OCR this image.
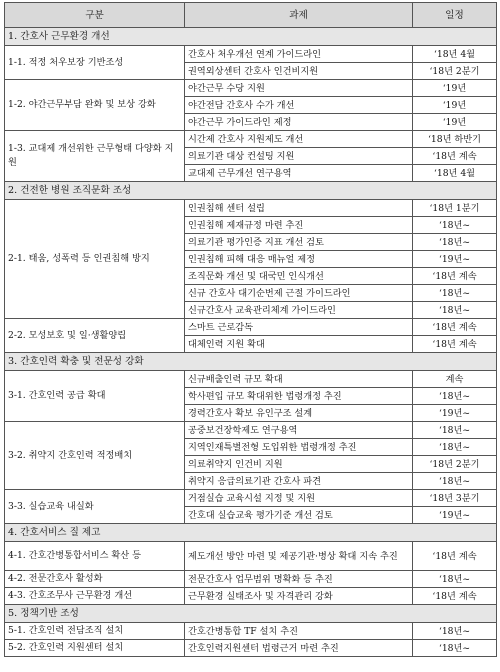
구분	과제	일정
1. 간호사 근무환경 개선		
1-1. 적정 처우보장 기반조성	간호사 처우개선 연계 가이드라인	‘18년 4월
	권역외상센터 간호사 인건비지원	‘18년 2분기
1-2. 야간근무부담 완화 및 보상 강화	야간근무 수당 지원	‘19년
	야간전담 간호사 수가 개선	‘19년
	야간근무 가이드라인 제정	‘19년
1-3. 교대제 개선위한 근무형태 다양화 지원	시간제 간호사 지원제도 개선	‘18년 하반기
	의료기관 대상 컨설팅 지원	‘18년 계속
	교대제 근무개선 연구용역	‘18년 4월
2. 건전한 병원 조직문화 조성		
2-1. 태움, 성폭력 등 인권침해 방지	인권침해 센터 설립	‘18년 1분기
	인권침해 제재규정 마련 추진	‘18년~
	의료기관 평가인증 지표 개선 검토	‘18년~
	인권침해 피해 대응 매뉴얼 제정	‘19년~
	조직문화 개선 및 대국민 인식개선	‘18년 계속
	신규 간호사 대기순번제 근절 가이드라인	‘18년~
	신규간호사 교육관리체계 가이드라인	‘18년~
2-2. 모성보호 및 일·생활양립	스마트 근로감독	‘18년 계속
	대체인력 지원 확대	‘18년 계속
3. 간호인력 확충 및 전문성 강화		
3-1. 간호인력 공급 확대	신규배출인력 규모 확대	계속
	학사편입 규모 확대위한 법령개정 추진	‘18년~
	경력간호사 확보 유인구조 설계	‘19년~
3-2. 취약지 간호인력 적정배치	공중보건장학제도 연구용역	‘18년~
	지역인재특별전형 도입위한 법령개정 추진	‘18년~
	의료취약지 인건비 지원	‘18년 2분기
	취약지 응급의료기관 간호사 파견	‘18년~
3-3. 실습교육 내실화	거점실습 교육시설 지정 및 지원	‘18년 3분기
	간호대 실습교육 평가기준 개선 검토	‘19년~
4. 간호서비스 질 제고		
4-1. 간호간병통합서비스 확산 등	제도개선 방안 마련 및 제공기관·병상 확대 지속 추진	‘18년 계속
4-2. 전문간호사 활성화	전문간호사 업무범위 명확화 등 추진	‘18년~
4-3. 간호조무사 근무환경 개선	근무환경 실태조사 및 자격관리 강화	‘18년 계속
5. 정책기반 조성		
5-1. 간호인력 전담조직 설치	간호간병통합 TF 설치 추진	‘18년~
5-2. 간호인력 지원센터 설치	간호인력지원센터 법령근거 마련 추진	‘18년~
